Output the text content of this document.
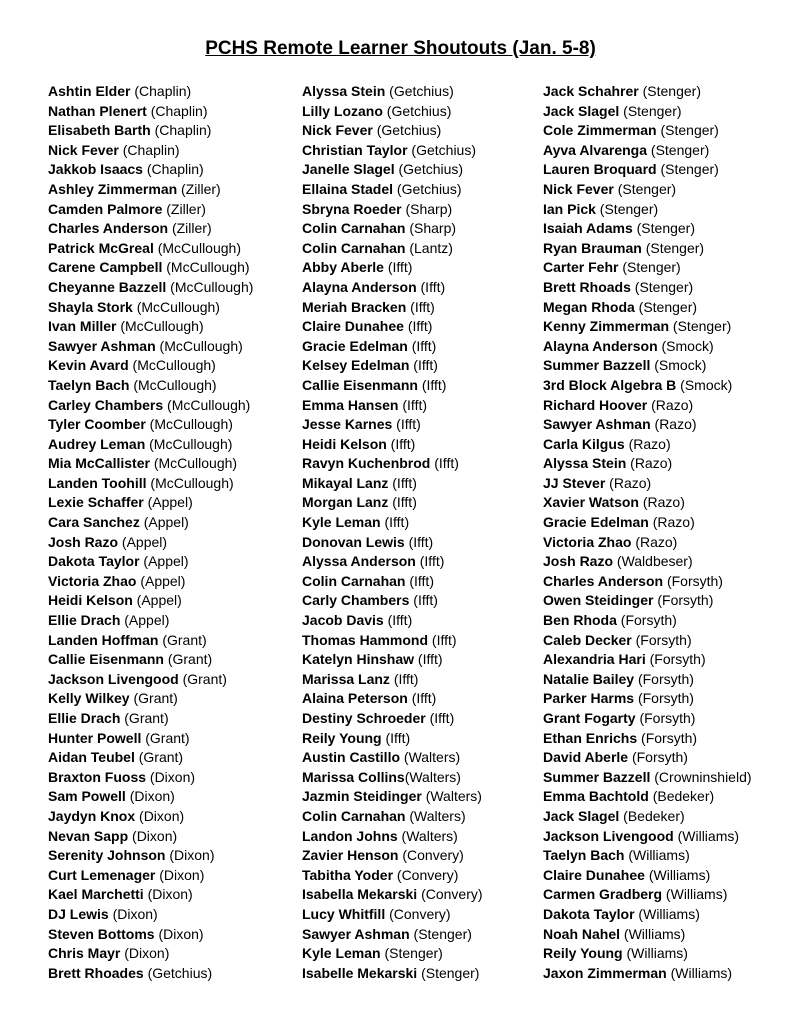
PCHS Remote Learner Shoutouts (Jan. 5-8)
Ashtin Elder (Chaplin)
Nathan Plenert (Chaplin)
Elisabeth Barth (Chaplin)
Nick Fever (Chaplin)
Jakkob Isaacs (Chaplin)
Ashley Zimmerman (Ziller)
Camden Palmore (Ziller)
Charles Anderson (Ziller)
Patrick McGreal (McCullough)
Carene Campbell (McCullough)
Cheyanne Bazzell (McCullough)
Shayla Stork (McCullough)
Ivan Miller (McCullough)
Sawyer Ashman (McCullough)
Kevin Avard (McCullough)
Taelyn Bach (McCullough)
Carley Chambers (McCullough)
Tyler Coomber (McCullough)
Audrey Leman (McCullough)
Mia McCallister (McCullough)
Landen Toohill (McCullough)
Lexie Schaffer (Appel)
Cara Sanchez (Appel)
Josh Razo (Appel)
Dakota Taylor (Appel)
Victoria Zhao (Appel)
Heidi Kelson (Appel)
Ellie Drach (Appel)
Landen Hoffman (Grant)
Callie Eisenmann (Grant)
Jackson Livengood (Grant)
Kelly Wilkey (Grant)
Ellie Drach (Grant)
Hunter Powell (Grant)
Aidan Teubel (Grant)
Braxton Fuoss (Dixon)
Sam Powell (Dixon)
Jaydyn Knox (Dixon)
Nevan Sapp (Dixon)
Serenity Johnson (Dixon)
Curt Lemenager (Dixon)
Kael Marchetti (Dixon)
DJ Lewis (Dixon)
Steven Bottoms (Dixon)
Chris Mayr (Dixon)
Brett Rhoades (Getchius)
Alyssa Stein (Getchius)
Lilly Lozano (Getchius)
Nick Fever (Getchius)
Christian Taylor (Getchius)
Janelle Slagel (Getchius)
Ellaina Stadel (Getchius)
Sbryna Roeder (Sharp)
Colin Carnahan (Sharp)
Colin Carnahan (Lantz)
Abby Aberle (Ifft)
Alayna Anderson (Ifft)
Meriah Bracken (Ifft)
Claire Dunahee (Ifft)
Gracie Edelman (Ifft)
Kelsey Edelman (Ifft)
Callie Eisenmann (Ifft)
Emma Hansen (Ifft)
Jesse Karnes (Ifft)
Heidi Kelson (Ifft)
Ravyn Kuchenbrod (Ifft)
Mikayal Lanz (Ifft)
Morgan Lanz (Ifft)
Kyle Leman (Ifft)
Donovan Lewis (Ifft)
Alyssa Anderson (Ifft)
Colin Carnahan (Ifft)
Carly Chambers (Ifft)
Jacob Davis (Ifft)
Thomas Hammond (Ifft)
Katelyn Hinshaw (Ifft)
Marissa Lanz (Ifft)
Alaina Peterson (Ifft)
Destiny Schroeder (Ifft)
Reily Young (Ifft)
Austin Castillo (Walters)
Marissa Collins(Walters)
Jazmin Steidinger (Walters)
Colin Carnahan (Walters)
Landon Johns (Walters)
Zavier Henson (Convery)
Tabitha Yoder (Convery)
Isabella Mekarski (Convery)
Lucy Whitfill (Convery)
Sawyer Ashman (Stenger)
Kyle Leman (Stenger)
Isabelle Mekarski (Stenger)
Jack Schahrer (Stenger)
Jack Slagel (Stenger)
Cole Zimmerman (Stenger)
Ayva Alvarenga (Stenger)
Lauren Broquard (Stenger)
Nick Fever (Stenger)
Ian Pick (Stenger)
Isaiah Adams (Stenger)
Ryan Brauman (Stenger)
Carter Fehr (Stenger)
Brett Rhoads (Stenger)
Megan Rhoda (Stenger)
Kenny Zimmerman (Stenger)
Alayna Anderson (Smock)
Summer Bazzell (Smock)
3rd Block Algebra B (Smock)
Richard Hoover (Razo)
Sawyer Ashman (Razo)
Carla Kilgus (Razo)
Alyssa Stein (Razo)
JJ Stever (Razo)
Xavier Watson (Razo)
Gracie Edelman (Razo)
Victoria Zhao (Razo)
Josh Razo (Waldbeser)
Charles Anderson (Forsyth)
Owen Steidinger (Forsyth)
Ben Rhoda (Forsyth)
Caleb Decker (Forsyth)
Alexandria Hari (Forsyth)
Natalie Bailey (Forsyth)
Parker Harms (Forsyth)
Grant Fogarty (Forsyth)
Ethan Enrichs (Forsyth)
David Aberle (Forsyth)
Summer Bazzell (Crowninshield)
Emma Bachtold (Bedeker)
Jack Slagel (Bedeker)
Jackson Livengood (Williams)
Taelyn Bach (Williams)
Claire Dunahee (Williams)
Carmen Gradberg (Williams)
Dakota Taylor (Williams)
Noah Nahel (Williams)
Reily Young (Williams)
Jaxon Zimmerman (Williams)
